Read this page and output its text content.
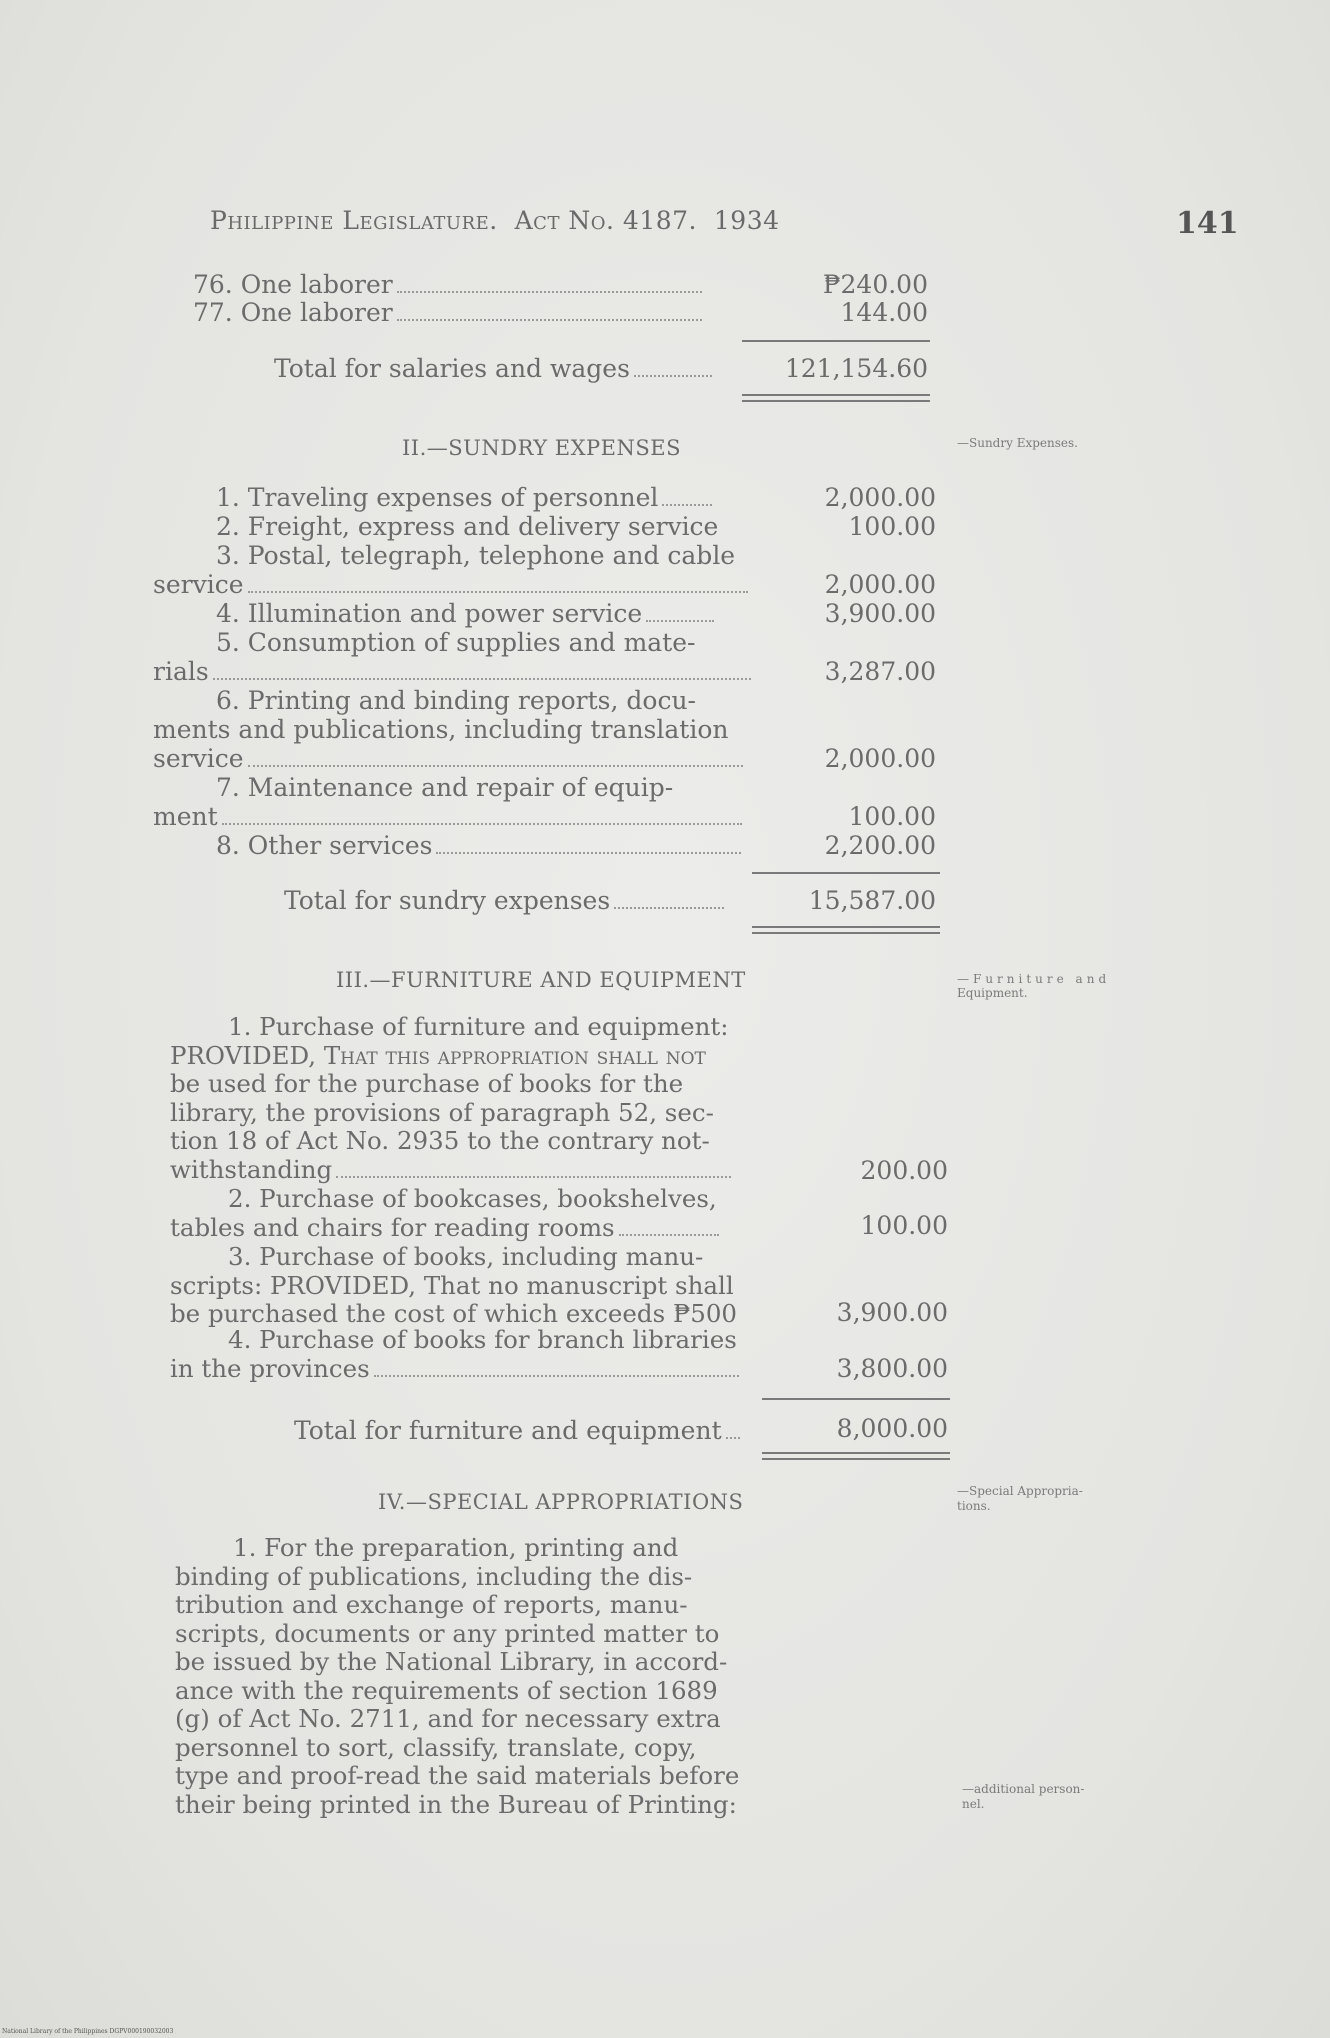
Philippine Legislature. Act No. 4187. 1934	141
76. One laborer	₱240.00
77. One laborer	144.00
Total for salaries and wages	121,154.60
II.—SUNDRY EXPENSES	—Sundry Expenses.
1. Traveling expenses of personnel	2,000.00
2. Freight, express and delivery service	100.00
3. Postal, telegraph, telephone and cable
service	2,000.00
4. Illumination and power service	3,900.00
5. Consumption of supplies and mate-
rials	3,287.00
6. Printing and binding reports, docu-
ments and publications, including translation
service	2,000.00
7. Maintenance and repair of equip-
ment	100.00
8. Other services	2,200.00
Total for sundry expenses	15,587.00
III.—FURNITURE AND EQUIPMENT	—Furniture and
Equipment.
1. Purchase of furniture and equipment:
PROVIDED, That this appropriation shall not
be used for the purchase of books for the
library, the provisions of paragraph 52, sec-
tion 18 of Act No. 2935 to the contrary not-
withstanding	200.00
2. Purchase of bookcases, bookshelves,
tables and chairs for reading rooms	100.00
3. Purchase of books, including manu-
scripts: PROVIDED, That no manuscript shall
be purchased the cost of which exceeds ₱500	3,900.00
4. Purchase of books for branch libraries
in the provinces	3,800.00
Total for furniture and equipment	8,000.00
IV.—SPECIAL APPROPRIATIONS	—Special Appropria-
tions.
1. For the preparation, printing and
binding of publications, including the dis-
tribution and exchange of reports, manu-
scripts, documents or any printed matter to
be issued by the National Library, in accord-
ance with the requirements of section 1689
(g) of Act No. 2711, and for necessary extra
personnel to sort, classify, translate, copy,
type and proof-read the said materials before
their being printed in the Bureau of Printing:
—additional person-
nel.
National Library of the Philippines DGPV000190032003
